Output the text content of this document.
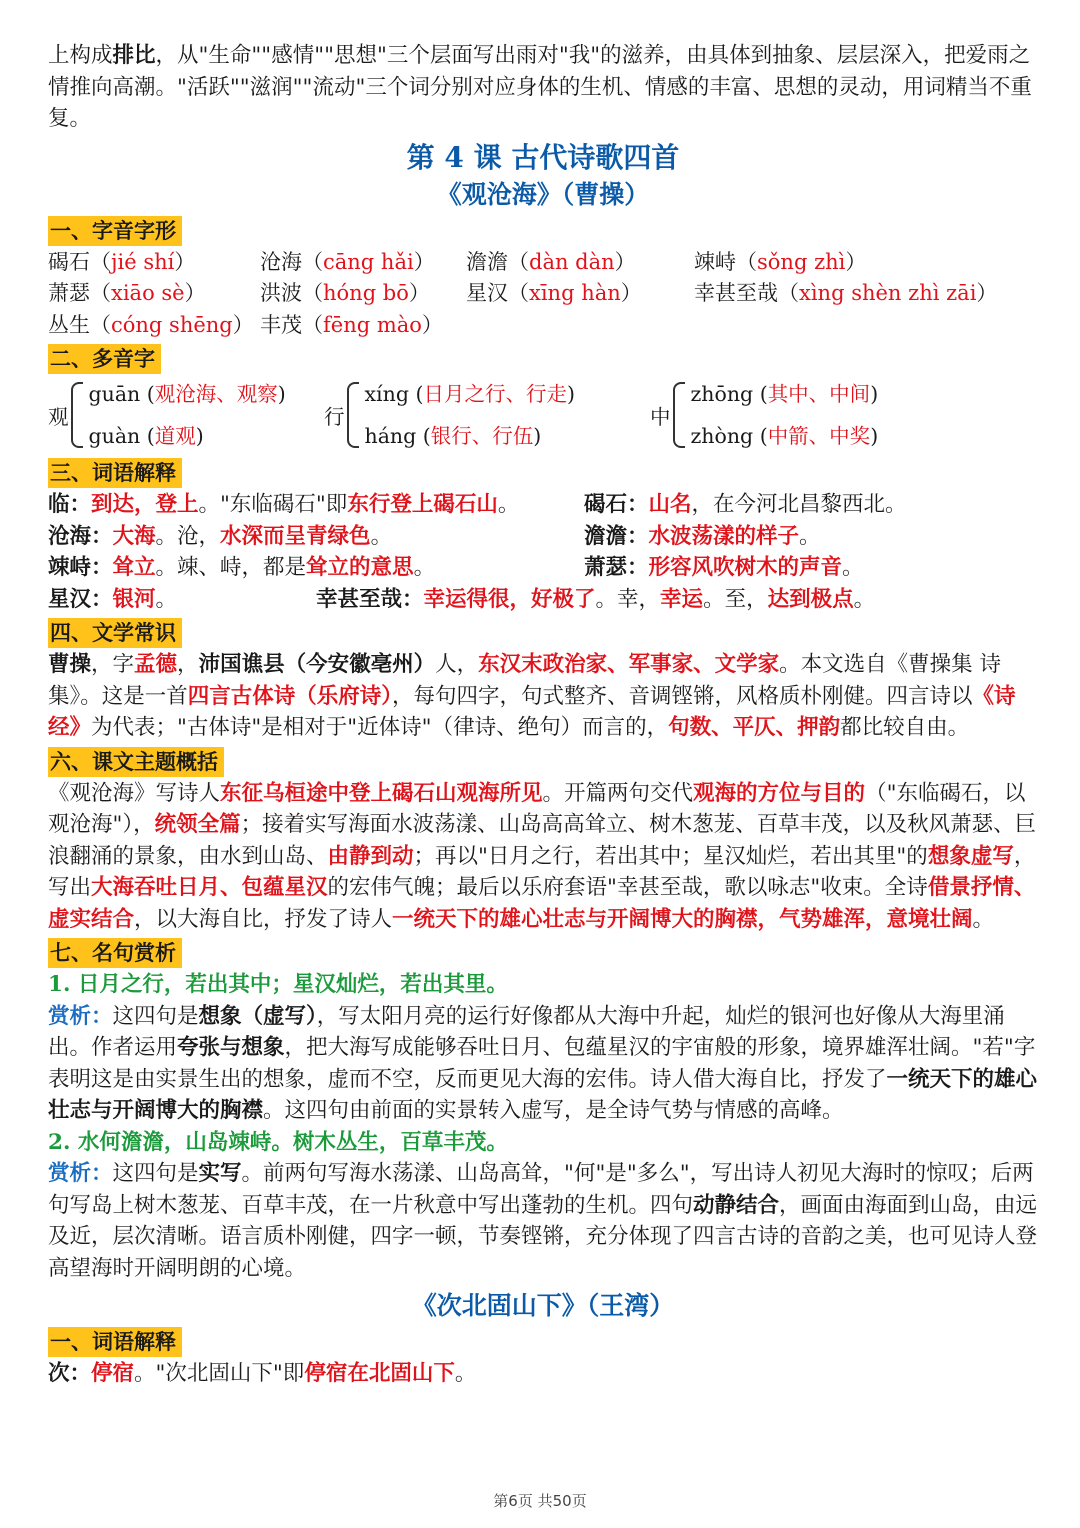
上构成排比，从"生命""感情""思想"三个层面写出雨对"我"的滋养，由具体到抽象、层层深入，把爱雨之情推向高潮。"活跃""滋润""流动"三个词分别对应身体的生机、情感的丰富、思想的灵动，用词精当不重复。

第 4 课 古代诗歌四首
《观沧海》（曹操）
一、字音字形
碣石（jié shí）	沧海（cāng hǎi）	澹澹（dàn dàn）	竦峙（sǒng zhì）
萧瑟（xiāo sè）	洪波（hóng bō）	星汉（xīng hàn）	幸甚至哉（xìng shèn zhì zāi）
丛生（cóng shēng） 丰茂（fēng mào）
二、多音字
观
guān (观沧海、观察)
guàn (道观)
行
xíng (日月之行、行走)
háng (银行、行伍)
中
zhōng (其中、中间)
zhòng (中箭、中奖)
三、词语解释
临：到达，登上。"东临碣石"即东行登上碣石山。	碣石：山名，在今河北昌黎西北。
沧海：大海。沧，水深而呈青绿色。	澹澹：水波荡漾的样子。
竦峙：耸立。竦、峙，都是耸立的意思。	萧瑟：形容风吹树木的声音。
星汉：银河。	幸甚至哉：幸运得很，好极了。幸，幸运。至，达到极点。
四、文学常识

曹操，字孟德，沛国谯县（今安徽亳州）人，东汉末政治家、军事家、文学家。本文选自《曹操集 诗集》。这是一首四言古体诗（乐府诗），每句四字，句式整齐、音调铿锵，风格质朴刚健。四言诗以《诗经》为代表；"古体诗"是相对于"近体诗"（律诗、绝句）而言的，句数、平仄、押韵都比较自由。

六、课文主题概括

《观沧海》写诗人东征乌桓途中登上碣石山观海所见。开篇两句交代观海的方位与目的（"东临碣石，以观沧海"），统领全篇；接着实写海面水波荡漾、山岛高高耸立、树木葱茏、百草丰茂，以及秋风萧瑟、巨浪翻涌的景象，由水到山岛、由静到动；再以"日月之行，若出其中；星汉灿烂，若出其里"的想象虚写，写出大海吞吐日月、包蕴星汉的宏伟气魄；最后以乐府套语"幸甚至哉，歌以咏志"收束。全诗借景抒情、虚实结合，以大海自比，抒发了诗人一统天下的雄心壮志与开阔博大的胸襟，气势雄浑，意境壮阔。

七、名句赏析

1. 日月之行，若出其中；星汉灿烂，若出其里。

赏析：这四句是想象（虚写），写太阳月亮的运行好像都从大海中升起，灿烂的银河也好像从大海里涌出。作者运用夸张与想象，把大海写成能够吞吐日月、包蕴星汉的宇宙般的形象，境界雄浑壮阔。"若"字表明这是由实景生出的想象，虚而不空，反而更见大海的宏伟。诗人借大海自比，抒发了一统天下的雄心壮志与开阔博大的胸襟。这四句由前面的实景转入虚写，是全诗气势与情感的高峰。

2. 水何澹澹，山岛竦峙。树木丛生，百草丰茂。

赏析：这四句是实写。前两句写海水荡漾、山岛高耸，"何"是"多么"，写出诗人初见大海时的惊叹；后两句写岛上树木葱茏、百草丰茂，在一片秋意中写出蓬勃的生机。四句动静结合，画面由海面到山岛，由远及近，层次清晰。语言质朴刚健，四字一顿，节奏铿锵，充分体现了四言古诗的音韵之美，也可见诗人登高望海时开阔明朗的心境。

《次北固山下》（王湾）
一、词语解释

次：停宿。"次北固山下"即停宿在北固山下。

第6页 共50页
